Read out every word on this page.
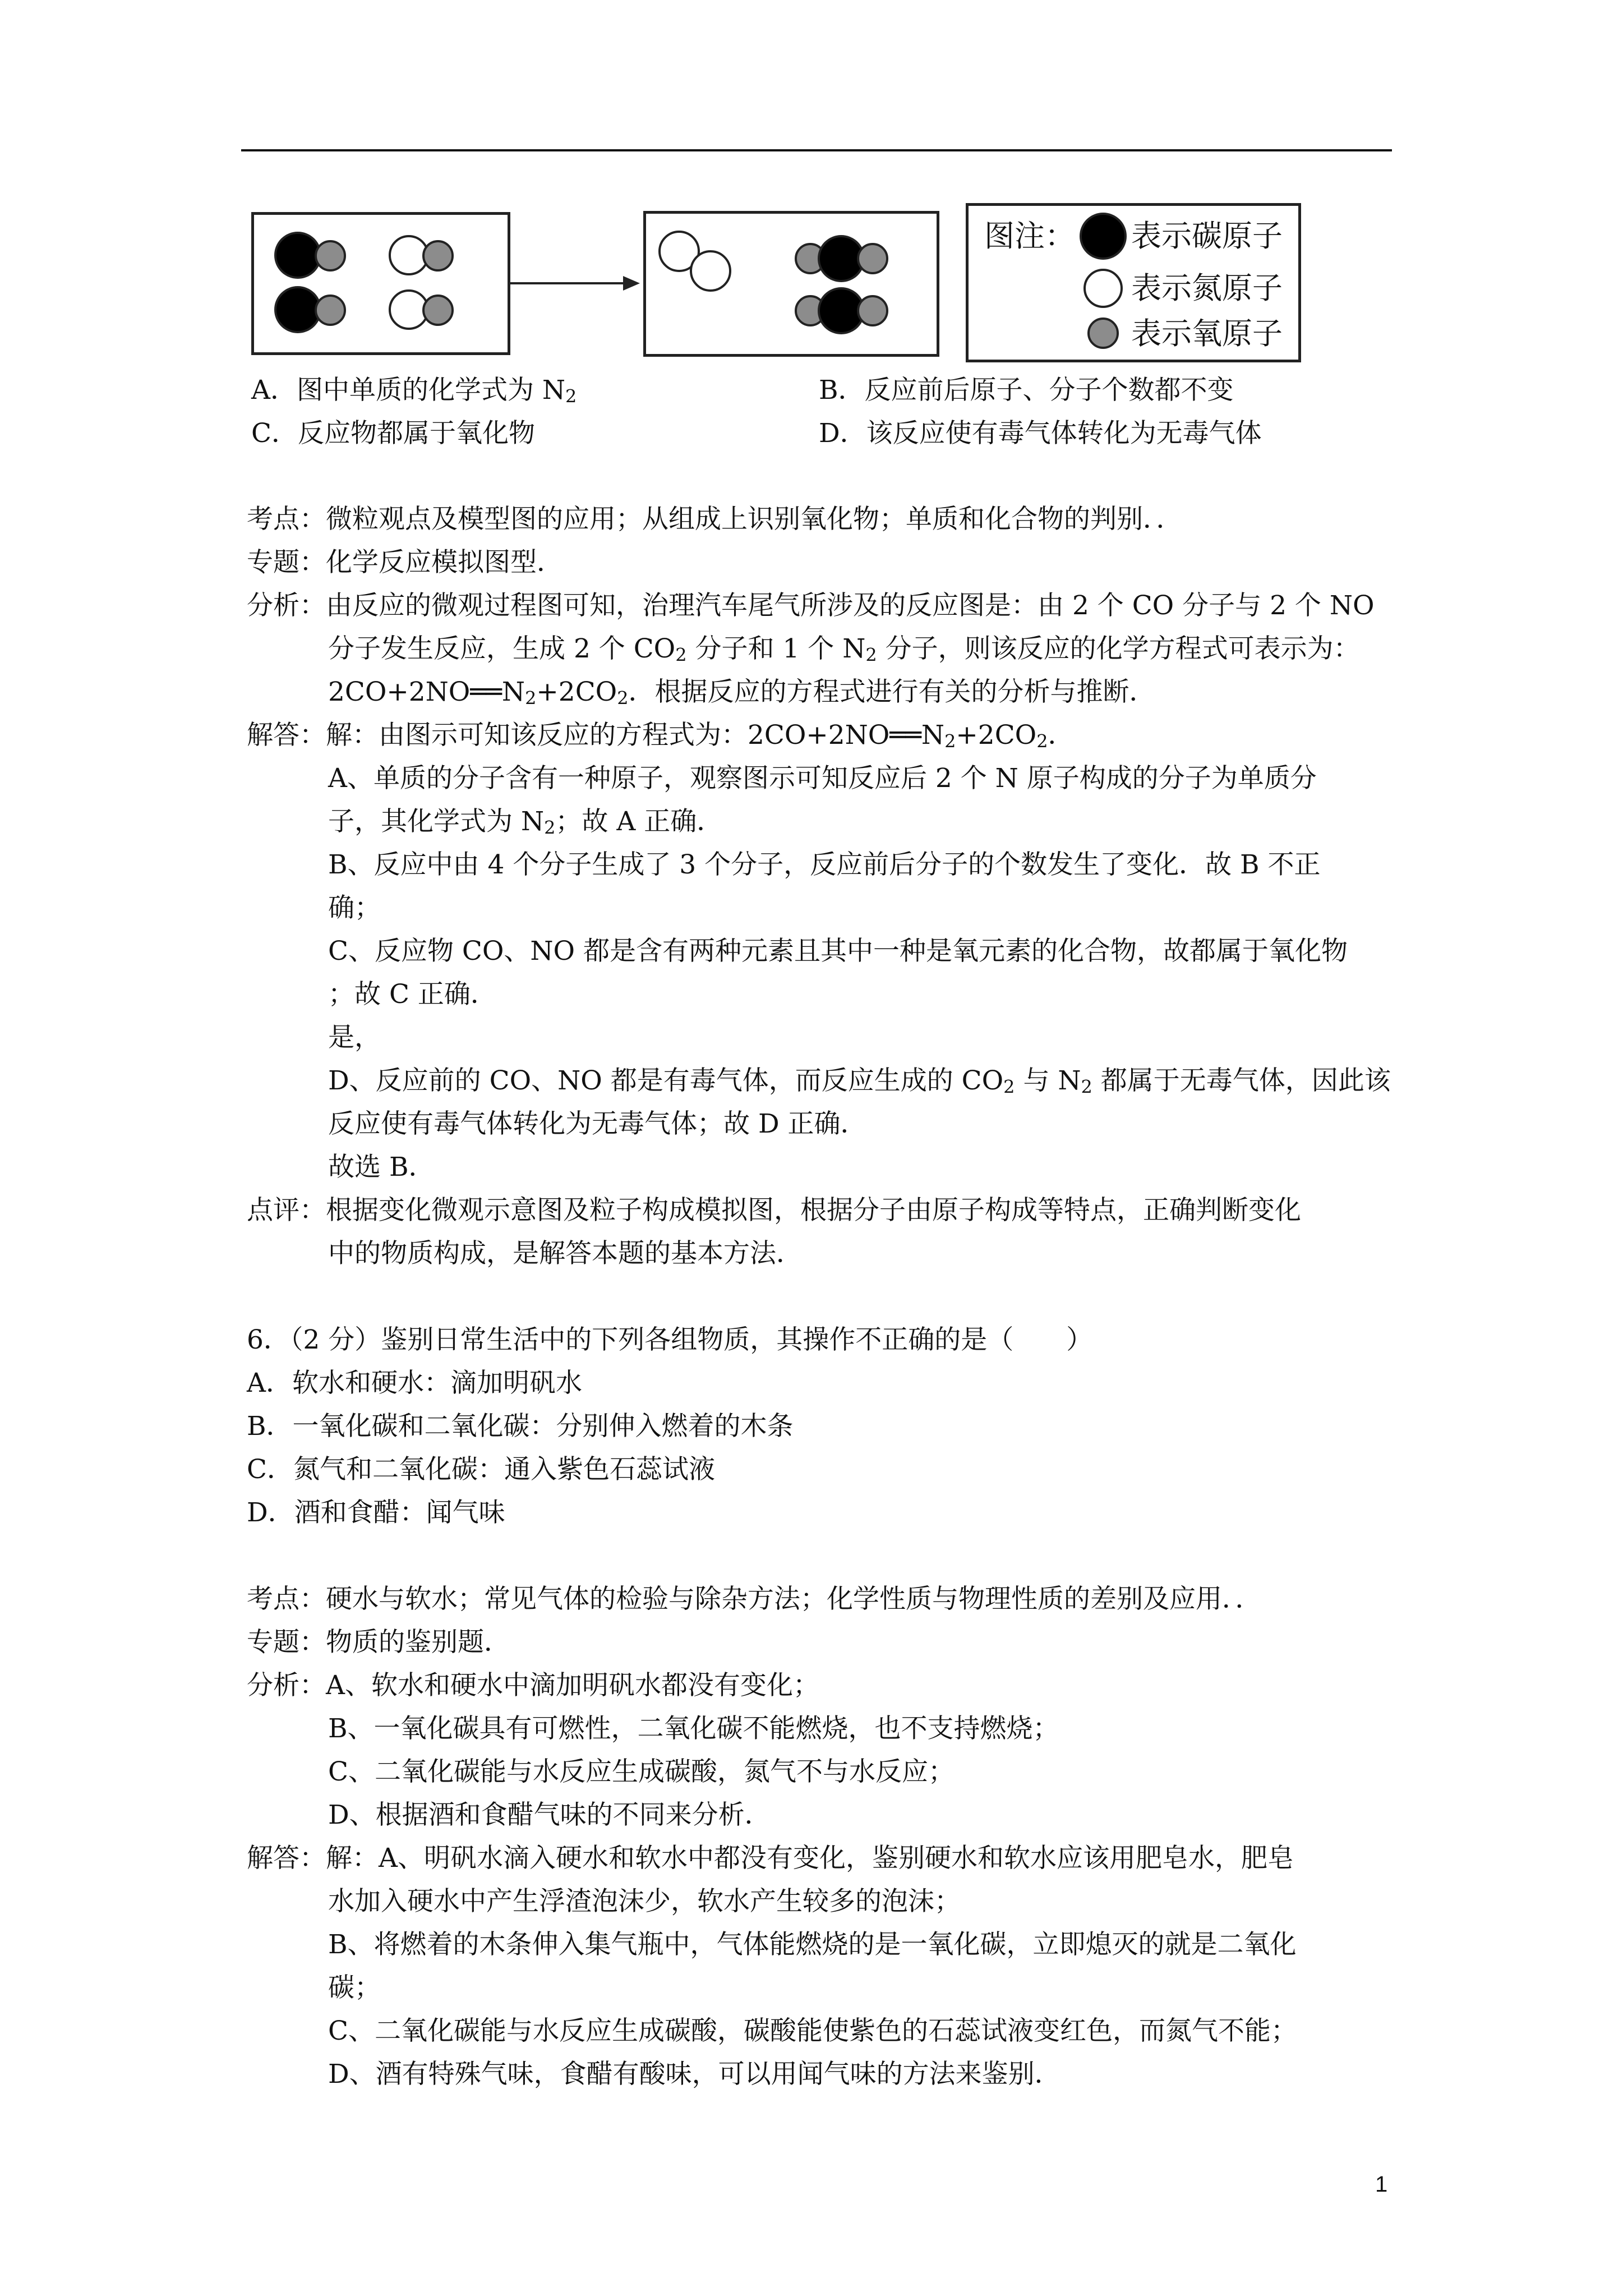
图注： 表示碳原子
表示氮原子
表示氧原子
A．图中单质的化学式为 $N_2$	B．反应前后原子、分子个数都不变
C．反应物都属于氧化物	D．该反应使有毒气体转化为无毒气体
考点：微粒观点及模型图的应用；从组成上识别氧化物；单质和化合物的判别．．
专题：化学反应模拟图型．
分析：由反应的微观过程图可知，治理汽车尾气所涉及的反应图是：由 2 个 CO 分子与 2 个 NO
分子发生反应，生成 2 个 $CO_2$ 分子和 1 个 $N_2$ 分子，则该反应的化学方程式可表示为：
$2CO+2NO══N_2+2CO_2$．根据反应的方程式进行有关的分析与推断．
解答：解：由图示可知该反应的方程式为：$2CO+2NO══N_2+2CO_2$．
A、单质的分子含有一种原子，观察图示可知反应后 2 个 N 原子构成的分子为单质分
子，其化学式为 $N_2$；故 A 正确．
B、反应中由 4 个分子生成了 3 个分子，反应前后分子的个数发生了变化．故 B 不正
确；
C、反应物 CO、NO 都是含有两种元素且其中一种是氧元素的化合物，故都属于氧化物
；故 C 正确．
是，
D、反应前的 CO、NO 都是有毒气体，而反应生成的 $CO_2$ 与 $N_2$ 都属于无毒气体，因此该
反应使有毒气体转化为无毒气体；故 D 正确．
故选 B．
点评：根据变化微观示意图及粒子构成模拟图，根据分子由原子构成等特点，正确判断变化
中的物质构成，是解答本题的基本方法．
6．（2 分）鉴别日常生活中的下列各组物质，其操作不正确的是（　　）
A．软水和硬水：滴加明矾水
B．一氧化碳和二氧化碳：分别伸入燃着的木条
C．氮气和二氧化碳：通入紫色石蕊试液
D．酒和食醋：闻气味
考点：硬水与软水；常见气体的检验与除杂方法；化学性质与物理性质的差别及应用．．
专题：物质的鉴别题．
分析：A、软水和硬水中滴加明矾水都没有变化；
B、一氧化碳具有可燃性，二氧化碳不能燃烧，也不支持燃烧；
C、二氧化碳能与水反应生成碳酸，氮气不与水反应；
D、根据酒和食醋气味的不同来分析．
解答：解：A、明矾水滴入硬水和软水中都没有变化，鉴别硬水和软水应该用肥皂水，肥皂
水加入硬水中产生浮渣泡沫少，软水产生较多的泡沫；
B、将燃着的木条伸入集气瓶中，气体能燃烧的是一氧化碳，立即熄灭的就是二氧化
碳；
C、二氧化碳能与水反应生成碳酸，碳酸能使紫色的石蕊试液变红色，而氮气不能；
D、酒有特殊气味，食醋有酸味，可以用闻气味的方法来鉴别．
1
